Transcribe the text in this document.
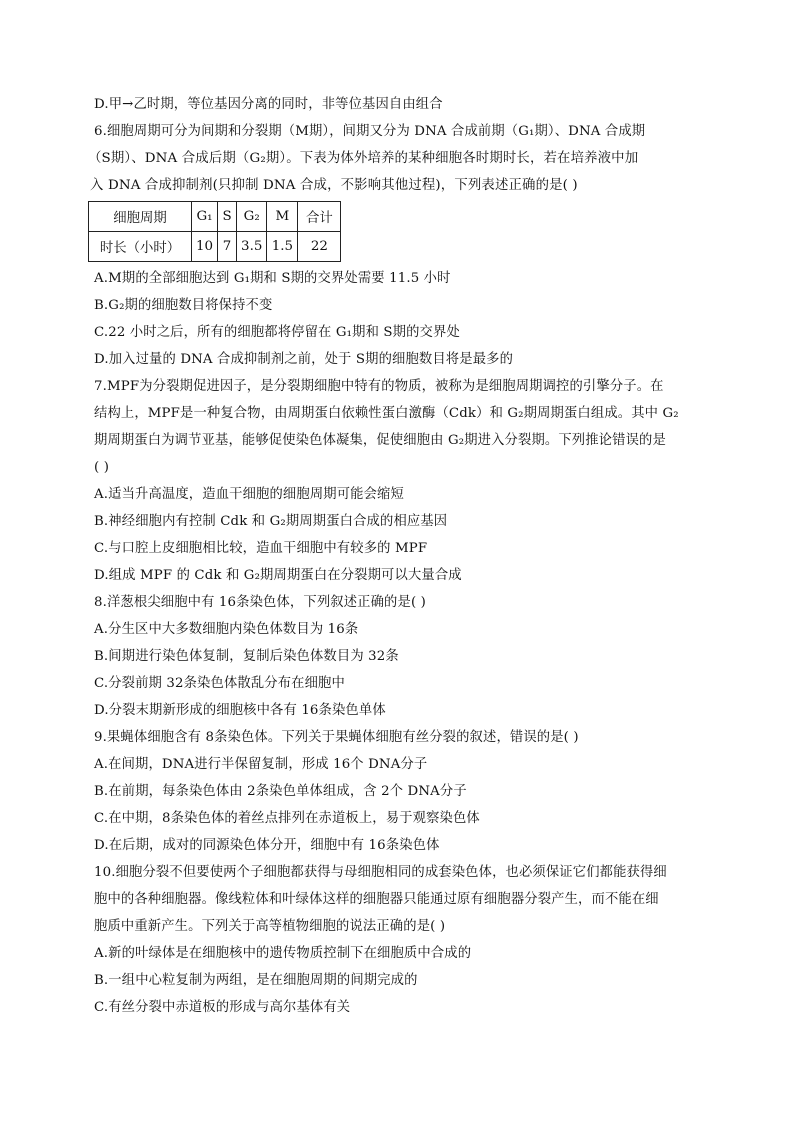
D.甲→乙时期，等位基因分离的同时，非等位基因自由组合
6.细胞周期可分为间期和分裂期（M期），间期又分为 DNA 合成前期（G₁期）、DNA 合成期
（S期）、DNA 合成后期（G₂期）。下表为体外培养的某种细胞各时期时长，若在培养液中加
入 DNA 合成抑制剂(只抑制 DNA 合成，不影响其他过程)，下列表述正确的是( )
细胞周期	G₁	S	G₂	M	合计
时长（小时）	10	7	3.5	1.5	22
A.M期的全部细胞达到 G₁期和 S期的交界处需要 11.5 小时
B.G₂期的细胞数目将保持不变
C.22 小时之后，所有的细胞都将停留在 G₁期和 S期的交界处
D.加入过量的 DNA 合成抑制剂之前，处于 S期的细胞数目将是最多的
7.MPF为分裂期促进因子，是分裂期细胞中特有的物质，被称为是细胞周期调控的引擎分子。在
结构上，MPF是一种复合物，由周期蛋白依赖性蛋白激酶（Cdk）和 G₂期周期蛋白组成。其中 G₂
期周期蛋白为调节亚基，能够促使染色体凝集，促使细胞由 G₂期进入分裂期。下列推论错误的是
( )
A.适当升高温度，造血干细胞的细胞周期可能会缩短
B.神经细胞内有控制 Cdk 和 G₂期周期蛋白合成的相应基因
C.与口腔上皮细胞相比较，造血干细胞中有较多的 MPF
D.组成 MPF 的 Cdk 和 G₂期周期蛋白在分裂期可以大量合成
8.洋葱根尖细胞中有 16条染色体，下列叙述正确的是( )
A.分生区中大多数细胞内染色体数目为 16条
B.间期进行染色体复制，复制后染色体数目为 32条
C.分裂前期 32条染色体散乱分布在细胞中
D.分裂末期新形成的细胞核中各有 16条染色单体
9.果蝇体细胞含有 8条染色体。下列关于果蝇体细胞有丝分裂的叙述，错误的是( )
A.在间期，DNA进行半保留复制，形成 16个 DNA分子
B.在前期，每条染色体由 2条染色单体组成，含 2个 DNA分子
C.在中期，8条染色体的着丝点排列在赤道板上，易于观察染色体
D.在后期，成对的同源染色体分开，细胞中有 16条染色体
10.细胞分裂不但要使两个子细胞都获得与母细胞相同的成套染色体，也必须保证它们都能获得细
胞中的各种细胞器。像线粒体和叶绿体这样的细胞器只能通过原有细胞器分裂产生，而不能在细
胞质中重新产生。下列关于高等植物细胞的说法正确的是( )
A.新的叶绿体是在细胞核中的遗传物质控制下在细胞质中合成的
B.一组中心粒复制为两组，是在细胞周期的间期完成的
C.有丝分裂中赤道板的形成与高尔基体有关
